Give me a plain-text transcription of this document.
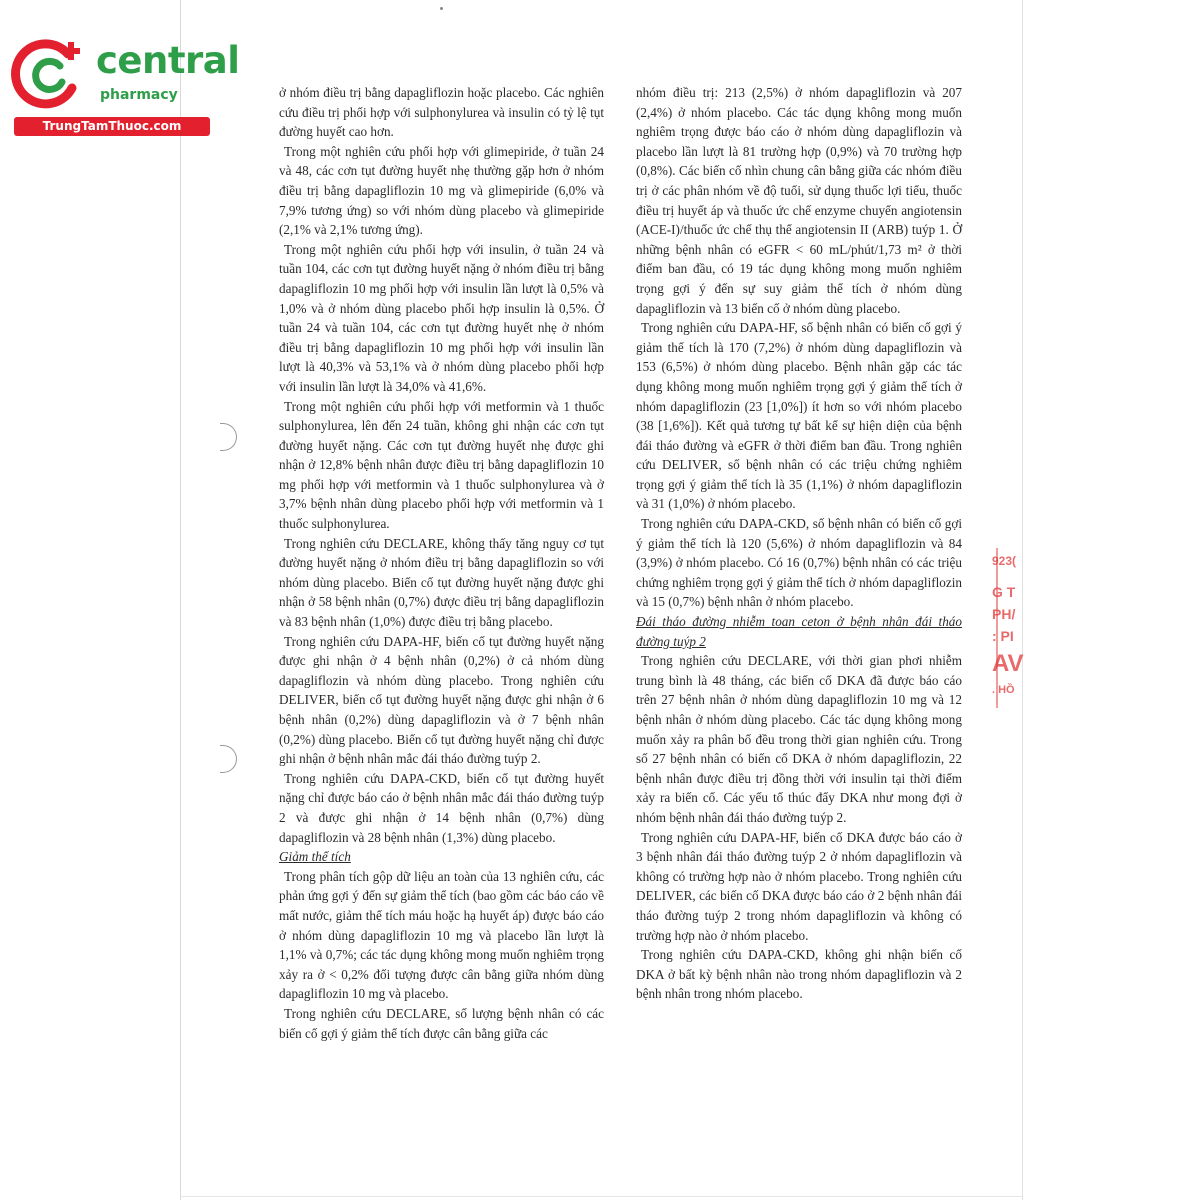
central
pharmacy
TrungTamThuoc.com
923(
G T
PH/
: PI
AV
. HỒ

ở nhóm điều trị bằng dapagliflozin hoặc placebo. Các nghiên cứu điều trị phối hợp với sulphonylurea và insulin có tỷ lệ tụt đường huyết cao hơn.

Trong một nghiên cứu phối hợp với glimepiride, ở tuần 24 và 48, các cơn tụt đường huyết nhẹ thường gặp hơn ở nhóm điều trị bằng dapagliflozin 10 mg và glimepiride (6,0% và 7,9% tương ứng) so với nhóm dùng placebo và glimepiride (2,1% và 2,1% tương ứng).

Trong một nghiên cứu phối hợp với insulin, ở tuần 24 và tuần 104, các cơn tụt đường huyết nặng ở nhóm điều trị bằng dapagliflozin 10 mg phối hợp với insulin lần lượt là 0,5% và 1,0% và ở nhóm dùng placebo phối hợp insulin là 0,5%. Ở tuần 24 và tuần 104, các cơn tụt đường huyết nhẹ ở nhóm điều trị bằng dapagliflozin 10 mg phối hợp với insulin lần lượt là 40,3% và 53,1% và ở nhóm dùng placebo phối hợp với insulin lần lượt là 34,0% và 41,6%.

Trong một nghiên cứu phối hợp với metformin và 1 thuốc sulphonylurea, lên đến 24 tuần, không ghi nhận các cơn tụt đường huyết nặng. Các cơn tụt đường huyết nhẹ được ghi nhận ở 12,8% bệnh nhân được điều trị bằng dapagliflozin 10 mg phối hợp với metformin và 1 thuốc sulphonylurea và ở 3,7% bệnh nhân dùng placebo phối hợp với metformin và 1 thuốc sulphonylurea.

Trong nghiên cứu DECLARE, không thấy tăng nguy cơ tụt đường huyết nặng ở nhóm điều trị bằng dapagliflozin so với nhóm dùng placebo. Biến cố tụt đường huyết nặng được ghi nhận ở 58 bệnh nhân (0,7%) được điều trị bằng dapagliflozin và 83 bệnh nhân (1,0%) được điều trị bằng placebo.

Trong nghiên cứu DAPA-HF, biến cố tụt đường huyết nặng được ghi nhận ở 4 bệnh nhân (0,2%) ở cả nhóm dùng dapagliflozin và nhóm dùng placebo. Trong nghiên cứu DELIVER, biến cố tụt đường huyết nặng được ghi nhận ở 6 bệnh nhân (0,2%) dùng dapagliflozin và ở 7 bệnh nhân (0,2%) dùng placebo. Biến cố tụt đường huyết nặng chỉ được ghi nhận ở bệnh nhân mắc đái tháo đường tuýp 2.

Trong nghiên cứu DAPA-CKD, biến cố tụt đường huyết nặng chỉ được báo cáo ở bệnh nhân mắc đái tháo đường tuýp 2 và được ghi nhận ở 14 bệnh nhân (0,7%) dùng dapagliflozin và 28 bệnh nhân (1,3%) dùng placebo.

Giảm thể tích

Trong phân tích gộp dữ liệu an toàn của 13 nghiên cứu, các phản ứng gợi ý đến sự giảm thể tích (bao gồm các báo cáo về mất nước, giảm thể tích máu hoặc hạ huyết áp) được báo cáo ở nhóm dùng dapagliflozin 10 mg và placebo lần lượt là 1,1% và 0,7%; các tác dụng không mong muốn nghiêm trọng xảy ra ở < 0,2% đối tượng được cân bằng giữa nhóm dùng dapagliflozin 10 mg và placebo.

Trong nghiên cứu DECLARE, số lượng bệnh nhân có các biến cố gợi ý giảm thể tích được cân bằng giữa các

nhóm điều trị: 213 (2,5%) ở nhóm dapagliflozin và 207 (2,4%) ở nhóm placebo. Các tác dụng không mong muốn nghiêm trọng được báo cáo ở nhóm dùng dapagliflozin và placebo lần lượt là 81 trường hợp (0,9%) và 70 trường hợp (0,8%). Các biến cố nhìn chung cân bằng giữa các nhóm điều trị ở các phân nhóm về độ tuổi, sử dụng thuốc lợi tiểu, thuốc điều trị huyết áp và thuốc ức chế enzyme chuyển angiotensin (ACE-I)/thuốc ức chế thụ thể angiotensin II (ARB) tuýp 1. Ở những bệnh nhân có eGFR < 60 mL/phút/1,73 m² ở thời điểm ban đầu, có 19 tác dụng không mong muốn nghiêm trọng gợi ý đến sự suy giảm thể tích ở nhóm dùng dapagliflozin và 13 biến cố ở nhóm dùng placebo.

Trong nghiên cứu DAPA-HF, số bệnh nhân có biến cố gợi ý giảm thể tích là 170 (7,2%) ở nhóm dùng dapagliflozin và 153 (6,5%) ở nhóm dùng placebo. Bệnh nhân gặp các tác dụng không mong muốn nghiêm trọng gợi ý giảm thể tích ở nhóm dapagliflozin (23 [1,0%]) ít hơn so với nhóm placebo (38 [1,6%]). Kết quả tương tự bất kể sự hiện diện của bệnh đái tháo đường và eGFR ở thời điểm ban đầu. Trong nghiên cứu DELIVER, số bệnh nhân có các triệu chứng nghiêm trọng gợi ý giảm thể tích là 35 (1,1%) ở nhóm dapagliflozin và 31 (1,0%) ở nhóm placebo.

Trong nghiên cứu DAPA-CKD, số bệnh nhân có biến cố gợi ý giảm thể tích là 120 (5,6%) ở nhóm dapagliflozin và 84 (3,9%) ở nhóm placebo. Có 16 (0,7%) bệnh nhân có các triệu chứng nghiêm trọng gợi ý giảm thể tích ở nhóm dapagliflozin và 15 (0,7%) bệnh nhân ở nhóm placebo.

Đái tháo đường nhiễm toan ceton ở bệnh nhân đái tháo đường tuýp 2

Trong nghiên cứu DECLARE, với thời gian phơi nhiễm trung bình là 48 tháng, các biến cố DKA đã được báo cáo trên 27 bệnh nhân ở nhóm dùng dapagliflozin 10 mg và 12 bệnh nhân ở nhóm dùng placebo. Các tác dụng không mong muốn xảy ra phân bố đều trong thời gian nghiên cứu. Trong số 27 bệnh nhân có biến cố DKA ở nhóm dapagliflozin, 22 bệnh nhân được điều trị đồng thời với insulin tại thời điểm xảy ra biến cố. Các yếu tố thúc đẩy DKA như mong đợi ở nhóm bệnh nhân đái tháo đường tuýp 2.

Trong nghiên cứu DAPA-HF, biến cố DKA được báo cáo ở 3 bệnh nhân đái tháo đường tuýp 2 ở nhóm dapagliflozin và không có trường hợp nào ở nhóm placebo. Trong nghiên cứu DELIVER, các biến cố DKA được báo cáo ở 2 bệnh nhân đái tháo đường tuýp 2 trong nhóm dapagliflozin và không có trường hợp nào ở nhóm placebo.

Trong nghiên cứu DAPA-CKD, không ghi nhận biến cố DKA ở bất kỳ bệnh nhân nào trong nhóm dapagliflozin và 2 bệnh nhân trong nhóm placebo.
